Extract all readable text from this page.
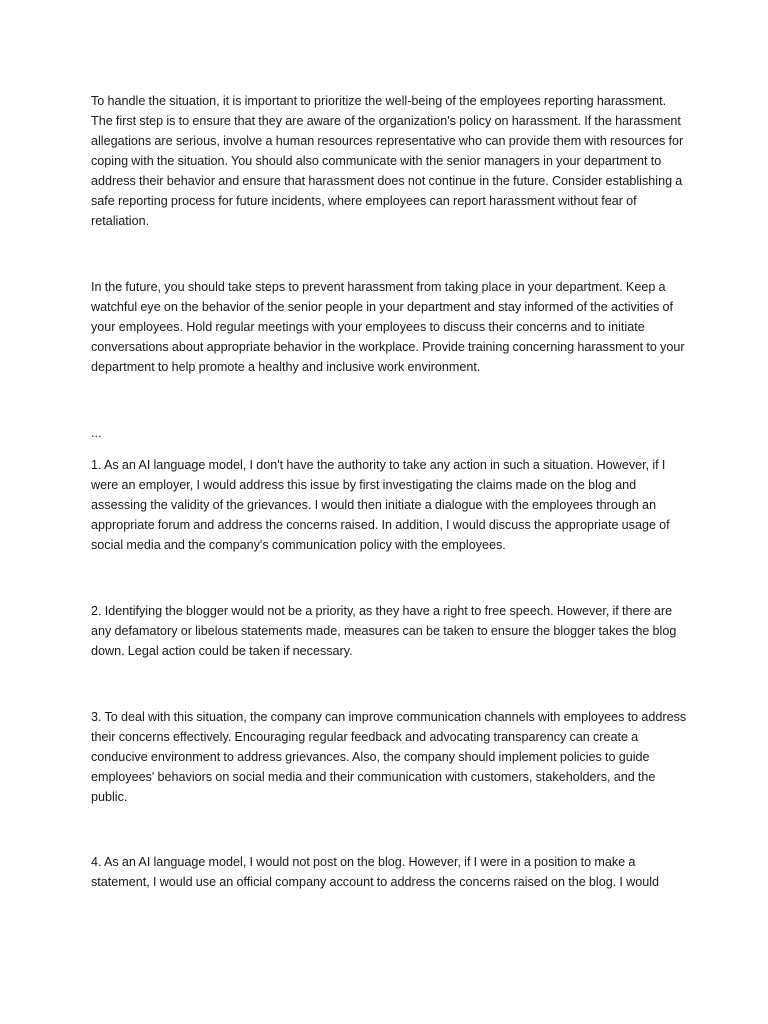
To handle the situation, it is important to prioritize the well-being of the employees reporting harassment. The first step is to ensure that they are aware of the organization's policy on harassment. If the harassment allegations are serious, involve a human resources representative who can provide them with resources for coping with the situation. You should also communicate with the senior managers in your department to address their behavior and ensure that harassment does not continue in the future. Consider establishing a safe reporting process for future incidents, where employees can report harassment without fear of retaliation.

In the future, you should take steps to prevent harassment from taking place in your department. Keep a watchful eye on the behavior of the senior people in your department and stay informed of the activities of your employees. Hold regular meetings with your employees to discuss their concerns and to initiate conversations about appropriate behavior in the workplace. Provide training concerning harassment to your department to help promote a healthy and inclusive work environment.

...

1. As an AI language model, I don't have the authority to take any action in such a situation. However, if I were an employer, I would address this issue by first investigating the claims made on the blog and assessing the validity of the grievances. I would then initiate a dialogue with the employees through an appropriate forum and address the concerns raised. In addition, I would discuss the appropriate usage of social media and the company's communication policy with the employees.

2. Identifying the blogger would not be a priority, as they have a right to free speech. However, if there are any defamatory or libelous statements made, measures can be taken to ensure the blogger takes the blog down. Legal action could be taken if necessary.

3. To deal with this situation, the company can improve communication channels with employees to address their concerns effectively. Encouraging regular feedback and advocating transparency can create a conducive environment to address grievances. Also, the company should implement policies to guide employees' behaviors on social media and their communication with customers, stakeholders, and the public.

4. As an AI language model, I would not post on the blog. However, if I were in a position to make a statement, I would use an official company account to address the concerns raised on the blog. I would
